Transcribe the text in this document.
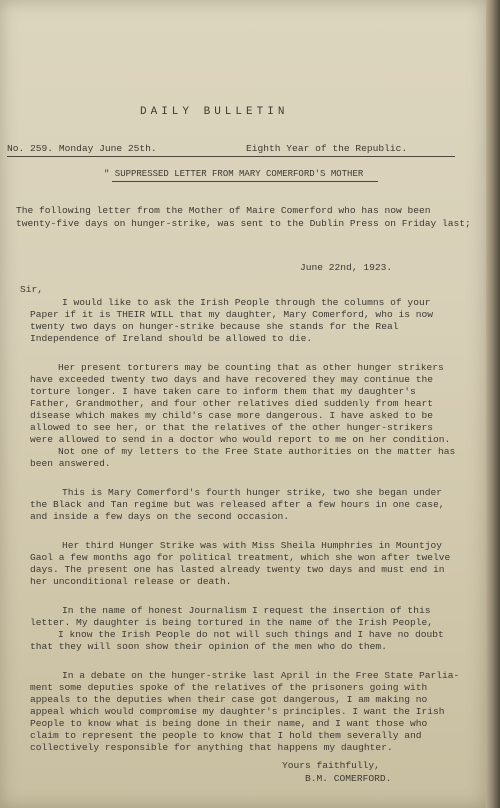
DAILY BULLETIN
No. 259. Monday June 25th.	Eighth Year of the Republic.
" SUPPRESSED LETTER FROM MARY COMERFORD'S MOTHER
The following letter from the Mother of Maire Comerford who has now been
twenty-five days on hunger-strike, was sent to the Dublin Press on Friday last;
June 22nd, 1923.
Sir,
I would like to ask the Irish People through the columns of your
Paper if it is THEIR WILL that my daughter, Mary Comerford, who is now
twenty two days on hunger-strike because she stands for the Real
Independence of Ireland should be allowed to die.
Her present torturers may be counting that as other hunger strikers
have exceeded twenty two days and have recovered they may continue the
torture longer. I have taken care to inform them that my daughter's
Father, Grandmother, and four other relatives died suddenly from heart
disease which makes my child's case more dangerous. I have asked to be
allowed to see her, or that the relatives of the other hunger-strikers
were allowed to send in a doctor who would report to me on her condition.
Not one of my letters to the Free State authorities on the matter has
been answered.
This is Mary Comerford's fourth hunger strike, two she began under
the Black and Tan regime but was released after a few hours in one case,
and inside a few days on the second occasion.
Her third Hunger Strike was with Miss Sheila Humphries in Mountjoy
Gaol a few months ago for political treatment, which she won after twelve
days. The present one has lasted already twenty two days and must end in
her unconditional release or death.
In the name of honest Journalism I request the insertion of this
letter. My daughter is being tortured in the name of the Irish People,
I know the Irish People do not will such things and I have no doubt
that they will soon show their opinion of the men who do them.
In a debate on the hunger-strike last April in the Free State Parlia-
ment some deputies spoke of the relatives of the prisoners going with
appeals to the deputies when their case got dangerous, I am making no
appeal which would compromise my daughter's principles. I want the Irish
People to know what is being done in their name, and I want those who
claim to represent the people to know that I hold them severally and
collectively responsible for anything that happens my daughter.
Yours faithfully,
B.M. COMERFORD.
